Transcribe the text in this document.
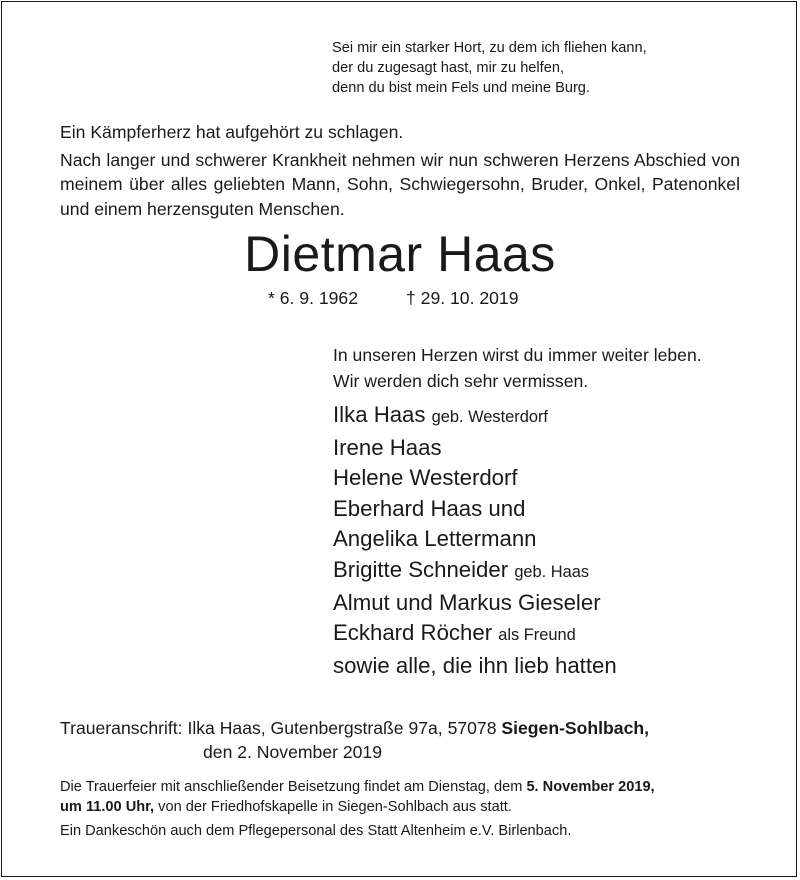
Sei mir ein starker Hort, zu dem ich fliehen kann,
der du zugesagt hast, mir zu helfen,
denn du bist mein Fels und meine Burg.
Ein Kämpferherz hat aufgehört zu schlagen.
Nach langer und schwerer Krankheit nehmen wir nun schweren Herzens Abschied von meinem über alles geliebten Mann, Sohn, Schwiegersohn, Bruder, Onkel, Patenonkel und einem herzensguten Menschen.
Dietmar Haas
* 6. 9. 1962	† 29. 10. 2019
In unseren Herzen wirst du immer weiter leben.
Wir werden dich sehr vermissen.
Ilka Haas geb. Westerdorf
Irene Haas
Helene Westerdorf
Eberhard Haas und
Angelika Lettermann
Brigitte Schneider geb. Haas
Almut und Markus Gieseler
Eckhard Röcher als Freund
sowie alle, die ihn lieb hatten
Traueranschrift: Ilka Haas, Gutenbergstraße 97a, 57078 Siegen-Sohlbach,
den 2. November 2019
Die Trauerfeier mit anschließender Beisetzung findet am Dienstag, dem 5. November 2019,
um 11.00 Uhr, von der Friedhofskapelle in Siegen-Sohlbach aus statt.
Ein Dankeschön auch dem Pflegepersonal des Statt Altenheim e.V. Birlenbach.
